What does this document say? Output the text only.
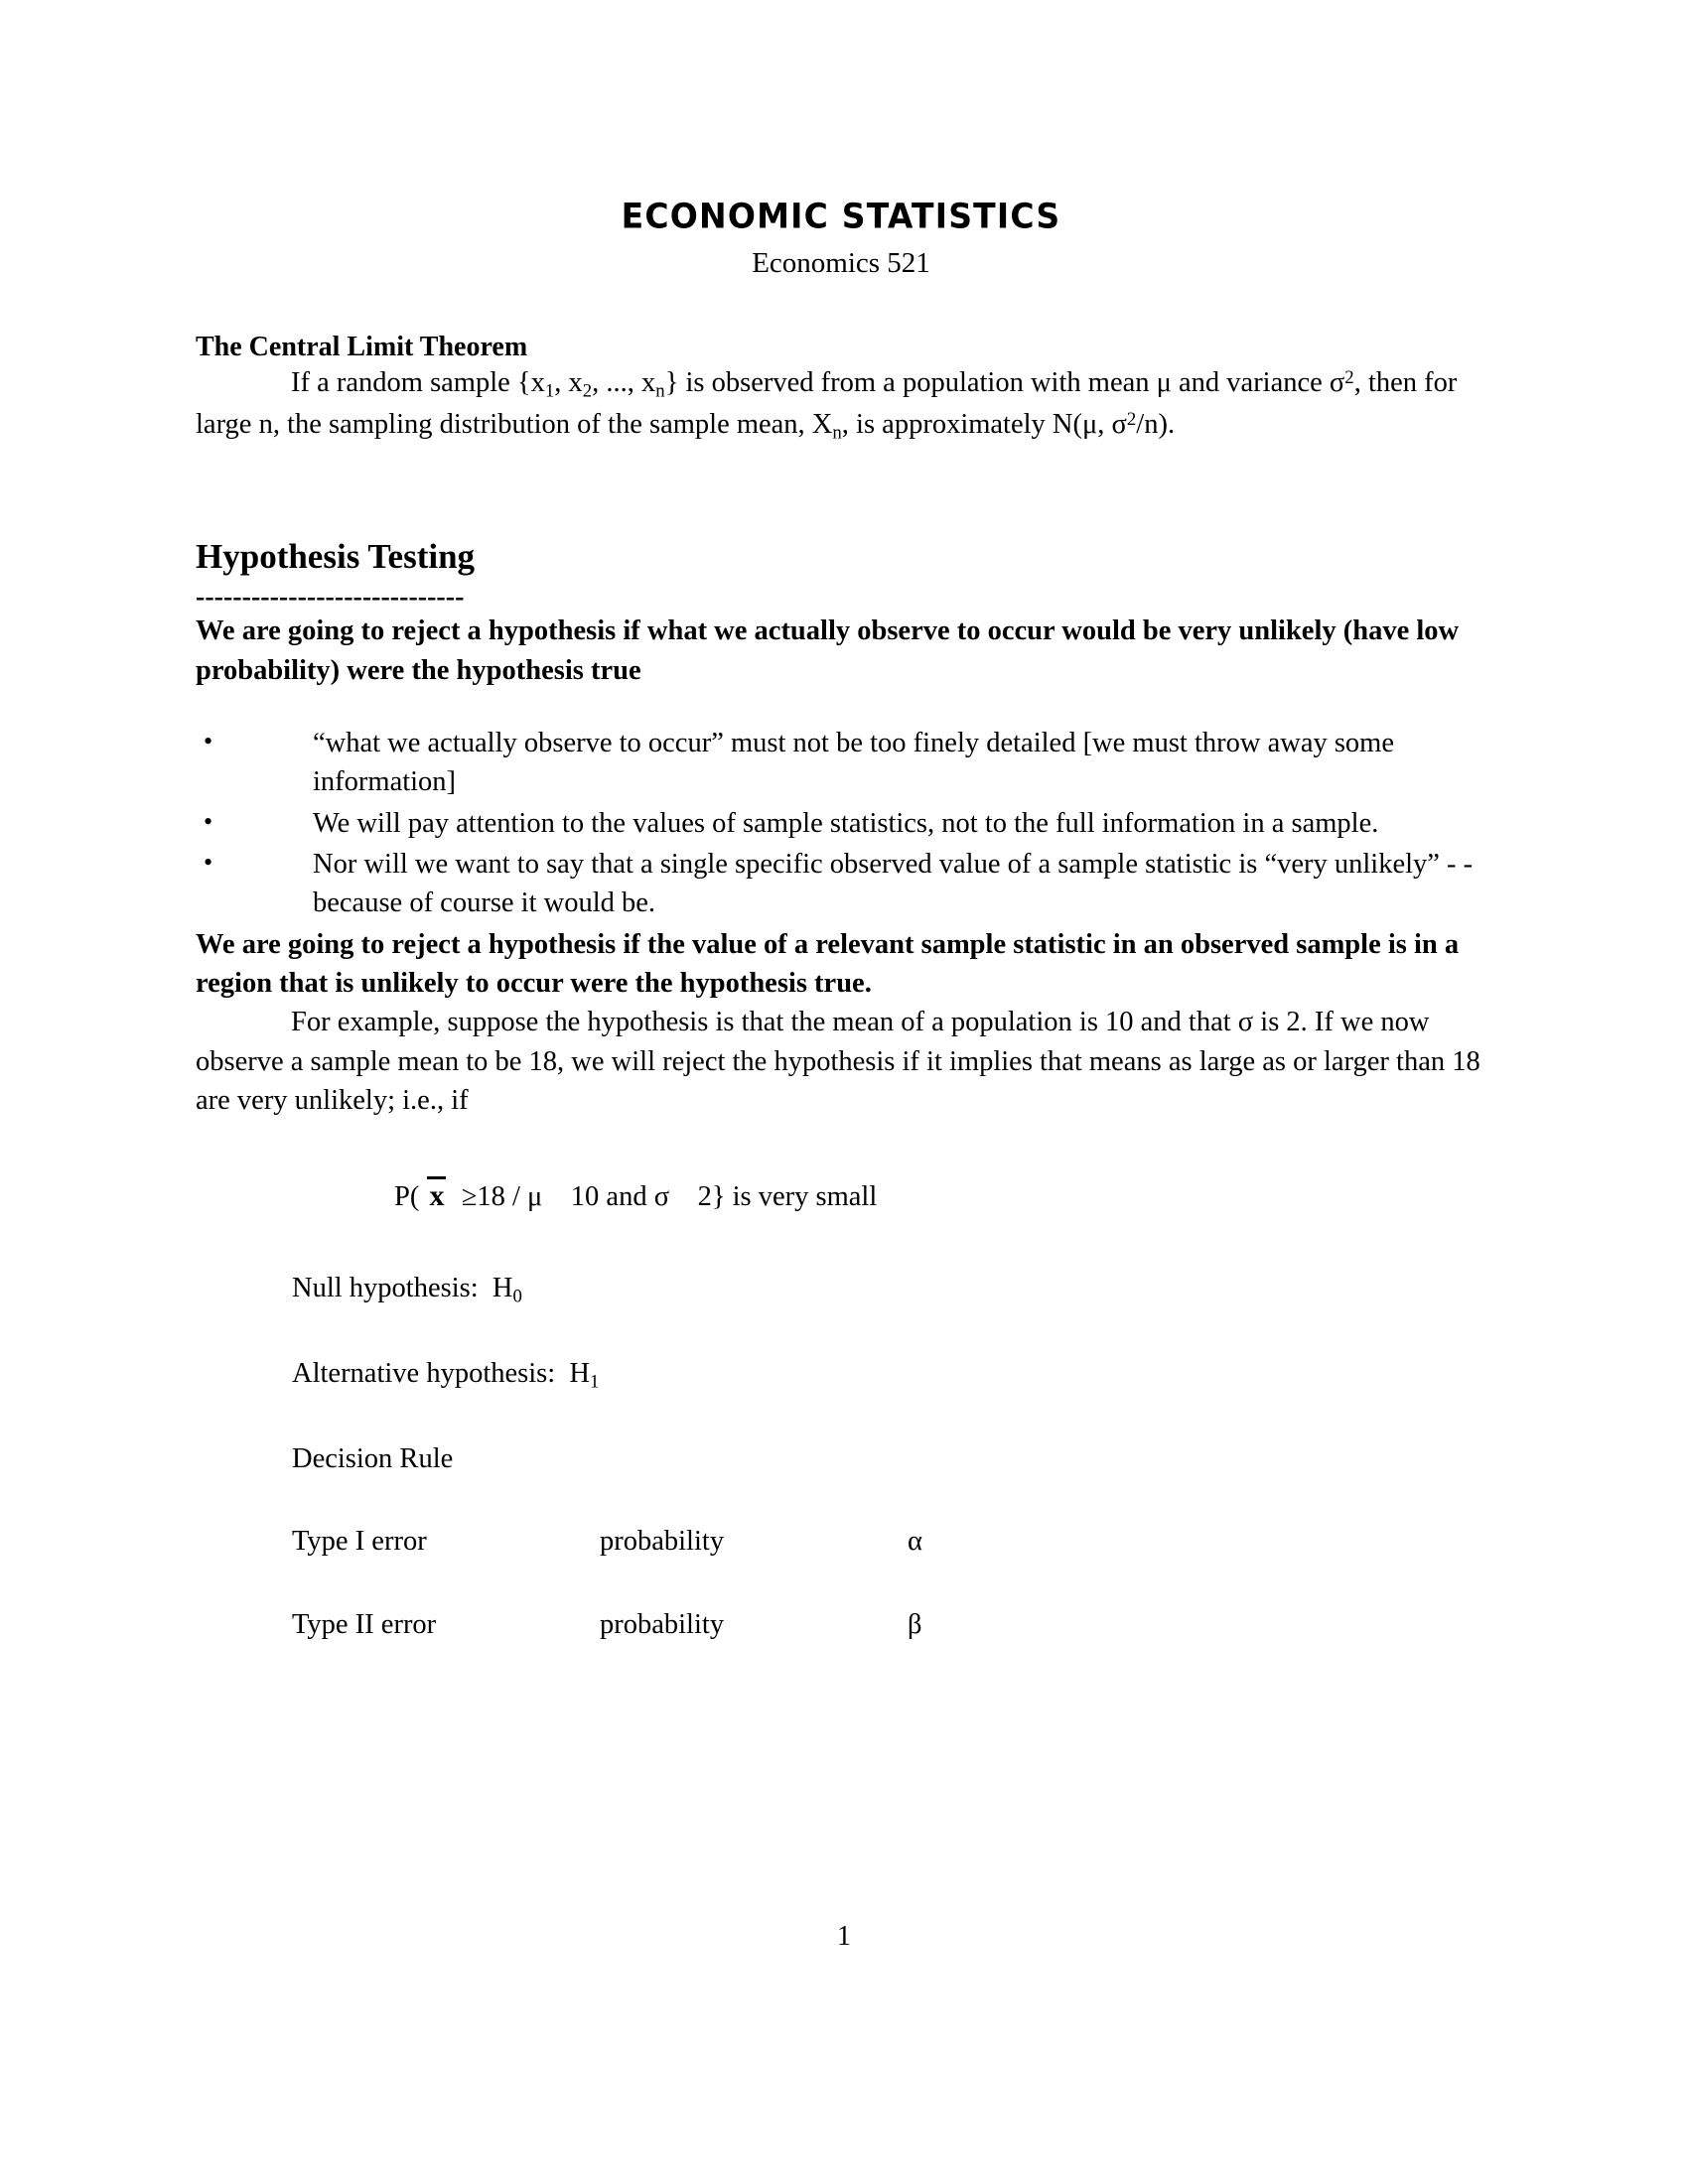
ECONOMIC STATISTICS
Economics 521
The Central Limit Theorem

If a random sample {$x_1$, $x_2$, ..., $x_n$} is observed from a population with mean μ and variance $\sigma^2$, then for large n, the sampling distribution of the sample mean, $X_n$, is approximately N(μ, $\sigma^2/n$).

Hypothesis Testing
-----------------------------

We are going to reject a hypothesis if what we actually observe to occur would be very unlikely (have low probability) were the hypothesis true

•	“what we actually observe to occur” must not be too finely detailed [we must throw away some information]
•	We will pay attention to the values of sample statistics, not to the full information in a sample.
•	Nor will we want to say that a single specific observed value of a sample statistic is “very unlikely” - - because of course it would be.

We are going to reject a hypothesis if the value of a relevant sample statistic in an observed sample is in a region that is unlikely to occur were the hypothesis true.

For example, suppose the hypothesis is that the mean of a population is 10 and that σ is 2. If we now observe a sample mean to be 18, we will reject the hypothesis if it implies that means as large as or larger than 18 are very unlikely; i.e., if

P(
x  ≥18 / μ    10 and σ    2} is very small
Null hypothesis:  $H_0$
Alternative hypothesis:  $H_1$
Decision Rule
Type I error	probability	α
Type II error	probability	β
1
